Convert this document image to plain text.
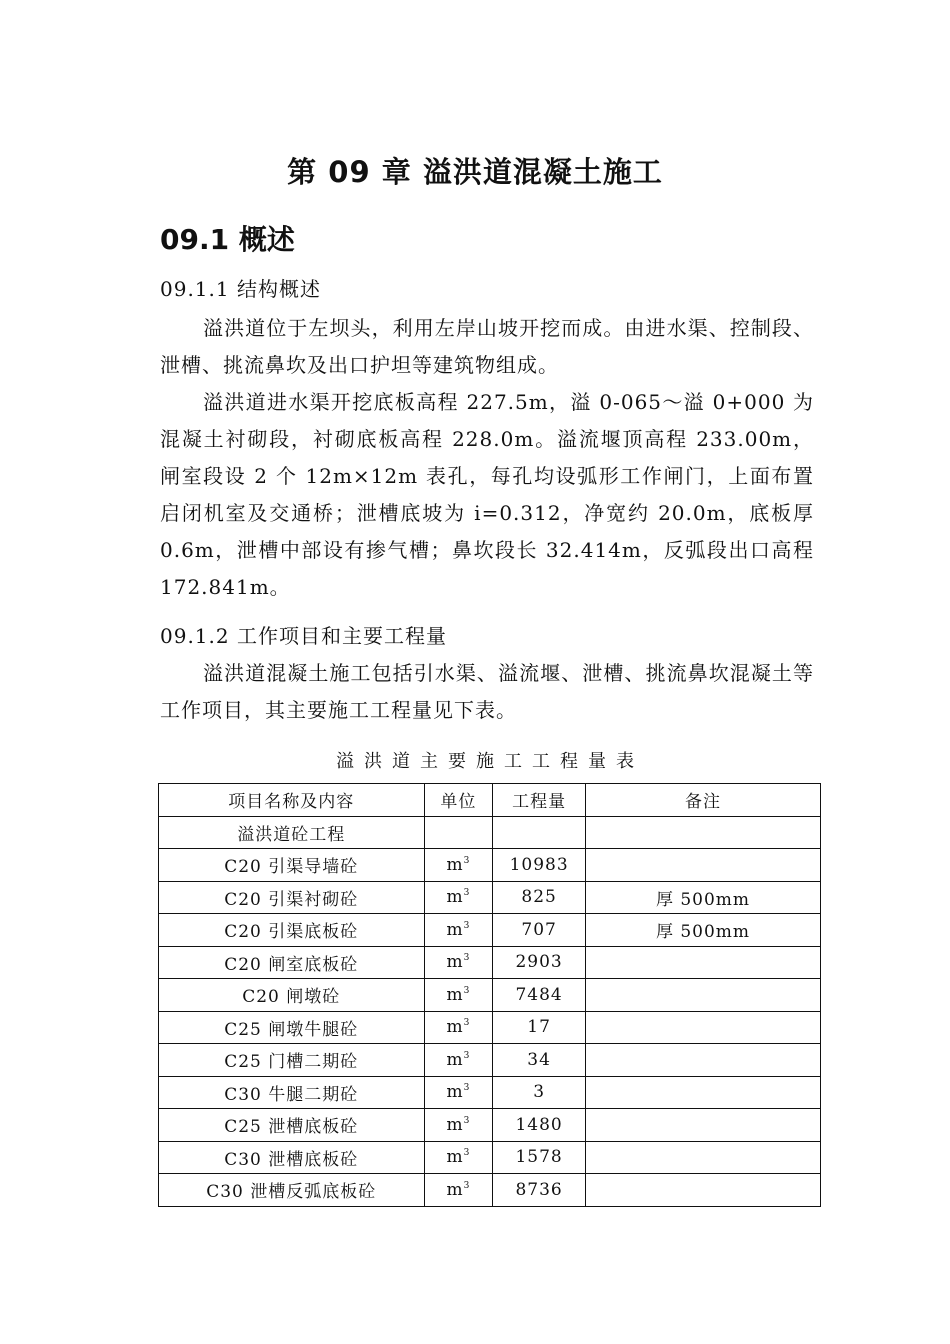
第 09 章 溢洪道混凝土施工
09.1 概述
09.1.1 结构概述

溢洪道位于左坝头，利用左岸山坡开挖而成。由进水渠、控制段、泄槽、挑流鼻坎及出口护坦等建筑物组成。

溢洪道进水渠开挖底板高程 227.5m，溢 0-065～溢 0+000 为混凝土衬砌段，衬砌底板高程 228.0m。溢流堰顶高程 233.00m，闸室段设 2 个 12m×12m 表孔，每孔均设弧形工作闸门，上面布置启闭机室及交通桥；泄槽底坡为 i=0.312，净宽约 20.0m，底板厚 0.6m，泄槽中部设有掺气槽；鼻坎段长 32.414m，反弧段出口高程 172.841m。

09.1.2 工作项目和主要工程量

溢洪道混凝土施工包括引水渠、溢流堰、泄槽、挑流鼻坎混凝土等工作项目，其主要施工工程量见下表。

溢洪道主要施工工程量表
项目名称及内容	单位	工程量	备注
溢洪道砼工程			
C20 引渠导墙砼	$m^3$	10983	
C20 引渠衬砌砼	$m^3$	825	厚 500mm
C20 引渠底板砼	$m^3$	707	厚 500mm
C20 闸室底板砼	$m^3$	2903	
C20 闸墩砼	$m^3$	7484	
C25 闸墩牛腿砼	$m^3$	17	
C25 门槽二期砼	$m^3$	34	
C30 牛腿二期砼	$m^3$	3	
C25 泄槽底板砼	$m^3$	1480	
C30 泄槽底板砼	$m^3$	1578	
C30 泄槽反弧底板砼	$m^3$	8736	
